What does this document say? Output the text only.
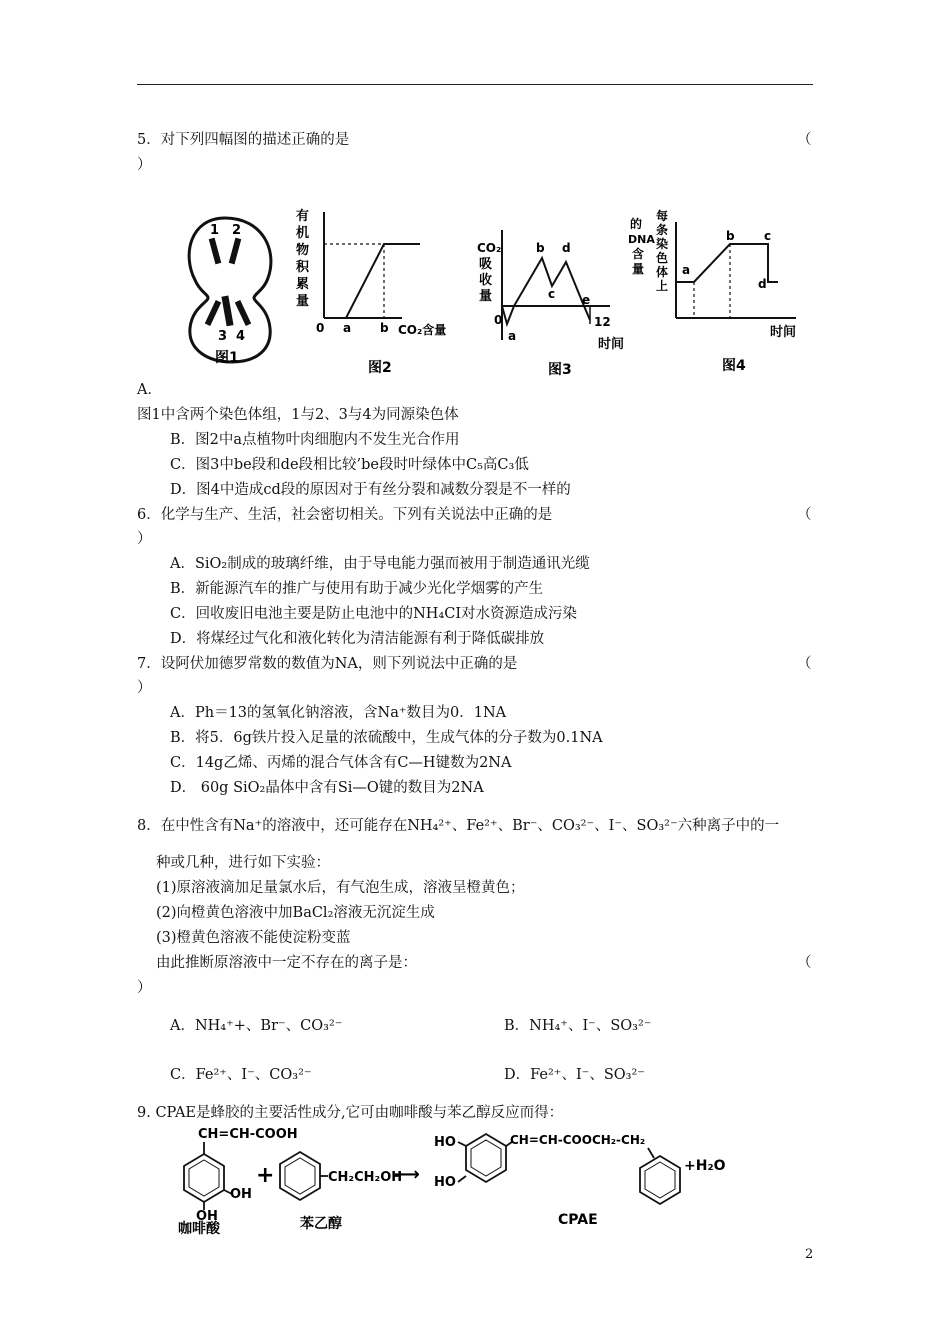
5．对下列四幅图的描述正确的是	（
）
1 2
3 4
图1
有
机
物
积
累
量
0 a b CO₂含量
图2
CO₂
吸
收
量
0
a
b
c
d
e
12
时间
图3
的
DNA
含
量
每
条
染
色
体
上
a
b c
d
时间
图4
A．
图1中含两个染色体组，1与2、3与4为同源染色体
B．图2中a点植物叶肉细胞内不发生光合作用
C．图3中be段和de段相比较’be段时叶绿体中C₅高C₃低
D．图4中造成cd段的原因对于有丝分裂和减数分裂是不一样的
6．化学与生产、生活，社会密切相关。下列有关说法中正确的是	（
）
A．SiO₂制成的玻璃纤维，由于导电能力强而被用于制造通讯光缆
B．新能源汽车的推广与使用有助于减少光化学烟雾的产生
C．回收废旧电池主要是防止电池中的NH₄CI对水资源造成污染
D．将煤经过气化和液化转化为清洁能源有利于降低碳排放
7．设阿伏加德罗常数的数值为NA，则下列说法中正确的是	（
）
A．Ph＝13的氢氧化钠溶液，含Na⁺数目为0．1NA
B．将5．6g铁片投入足量的浓硫酸中，生成气体的分子数为0.1NA
C．14g乙烯、丙烯的混合气体含有C—H键数为2NA
D． 60g SiO₂晶体中含有Si—O键的数目为2NA
8．在中性含有Na⁺的溶液中，还可能存在NH₄²⁺、Fe²⁺、Br⁻、CO₃²⁻、I⁻、SO₃²⁻六种离子中的一
种或几种，进行如下实验：
(1)原溶液滴加足量氯水后，有气泡生成，溶液呈橙黄色；
(2)向橙黄色溶液中加BaCl₂溶液无沉淀生成
(3)橙黄色溶液不能使淀粉变蓝
由此推断原溶液中一定不存在的离子是：	（
）
A．NH₄⁺+、Br⁻、CO₃²⁻	B．NH₄⁺、I⁻、SO₃²⁻
C．Fe²⁺、I⁻、CO₃²⁻	D．Fe²⁺、I⁻、SO₃²⁻
9. CPAE是蜂胶的主要活性成分,它可由咖啡酸与苯乙醇反应而得：
CH=CH-COOH
OH
OH
咖啡酸
+	CH₂CH₂OH
苯乙醇
⟶
HO
HO
CH=CH-COOCH₂-CH₂
CPAE
+H₂O
2
